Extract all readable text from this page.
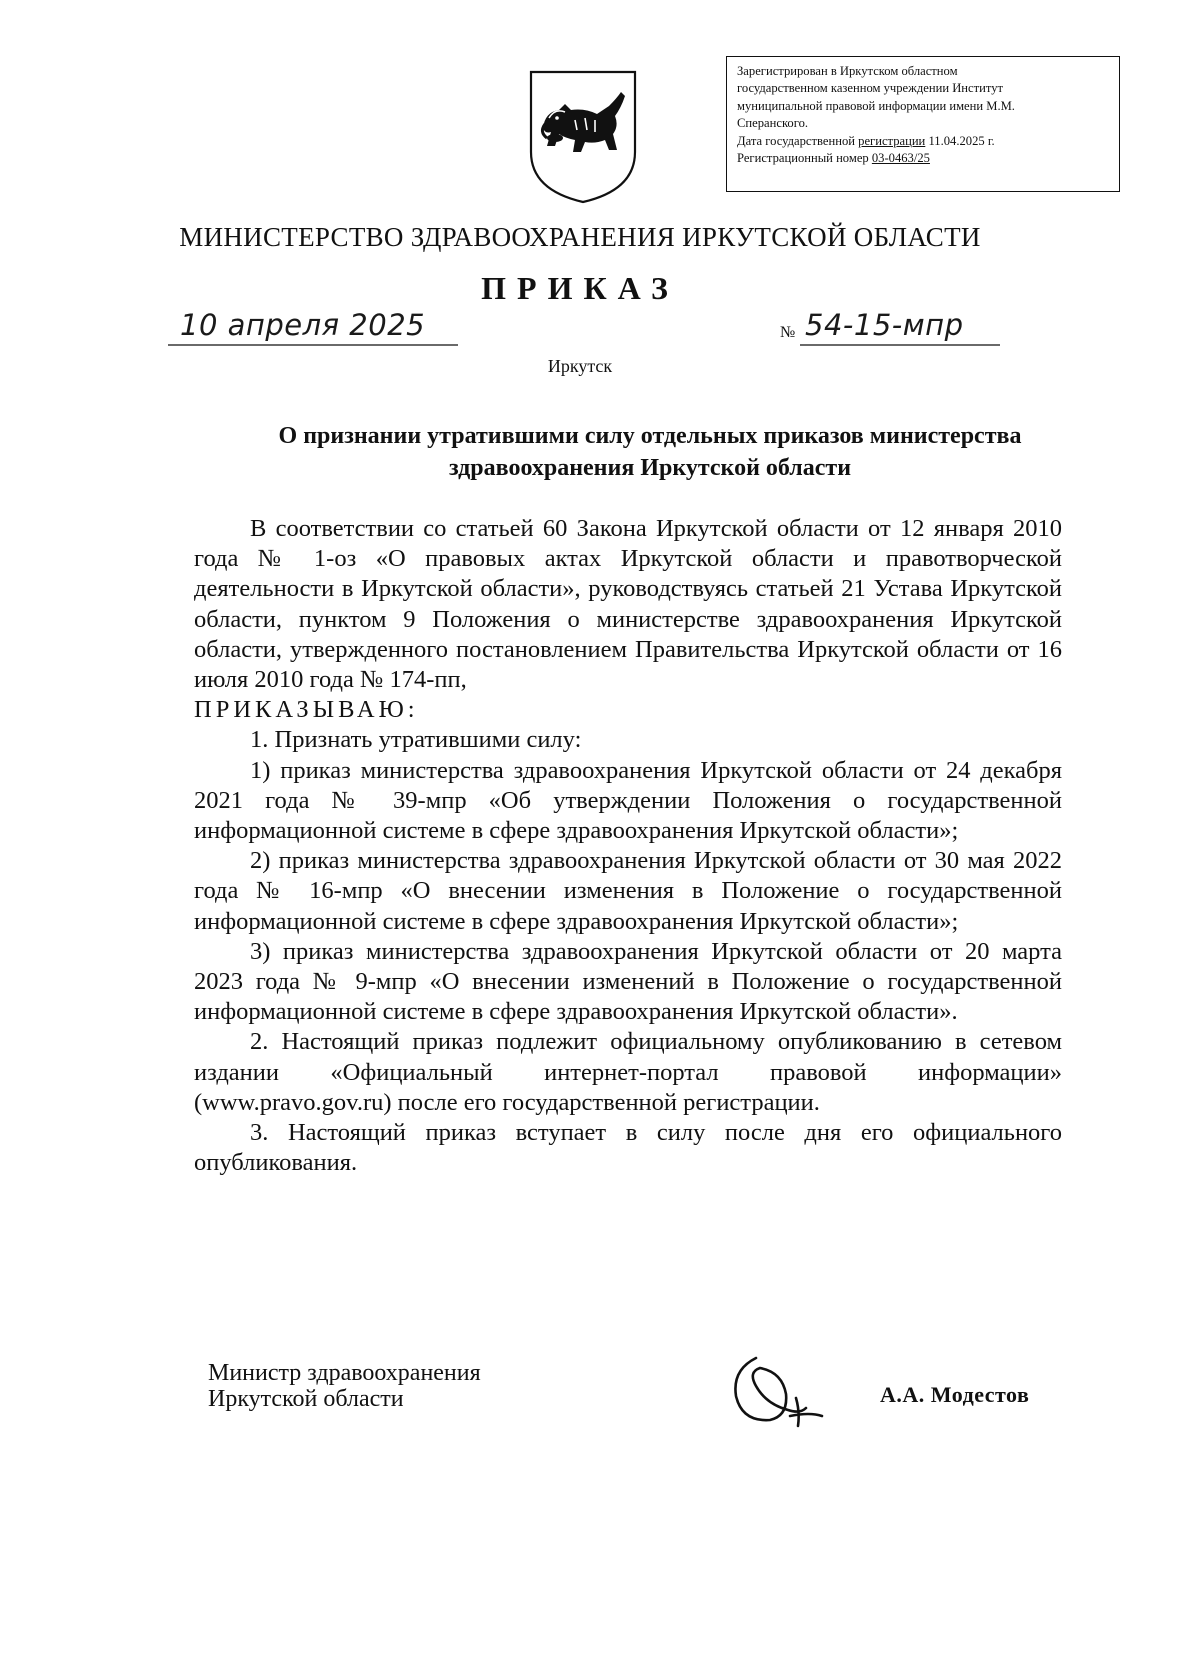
Зарегистрирован в Иркутском областном
государственном казенном учреждении Институт
муниципальной правовой информации имени М.М.
Сперанского.
Дата государственной регистрации 11.04.2025 г.
Регистрационный номер 03-0463/25
МИНИСТЕРСТВО ЗДРАВООХРАНЕНИЯ ИРКУТСКОЙ ОБЛАСТИ
ПРИКАЗ
10 апреля 2025	№ 54-15-мпр
Иркутск
О признании утратившими силу отдельных приказов министерства
здравоохранения Иркутской области

В соответствии со статьей 60 Закона Иркутской области от 12 января 2010 года № 1-оз «О правовых актах Иркутской области и правотворческой деятельности в Иркутской области», руководствуясь статьей 21 Устава Иркутской области, пунктом 9 Положения о министерстве здравоохранения Иркутской области, утвержденного постановлением Правительства Иркутской области от 16 июля 2010 года № 174-пп,

ПРИКАЗЫВАЮ:

1. Признать утратившими силу:

1) приказ министерства здравоохранения Иркутской области от 24 декабря 2021 года № 39-мпр «Об утверждении Положения о государственной информационной системе в сфере здравоохранения Иркутской области»;

2) приказ министерства здравоохранения Иркутской области от 30 мая 2022 года № 16-мпр «О внесении изменения в Положение о государственной информационной системе в сфере здравоохранения Иркутской области»;

3) приказ министерства здравоохранения Иркутской области от 20 марта 2023 года № 9-мпр «О внесении изменений в Положение о государственной информационной системе в сфере здравоохранения Иркутской области».

2. Настоящий приказ подлежит официальному опубликованию в сетевом издании «Официальный интернет-портал правовой информации» (www.pravo.gov.ru) после его государственной регистрации.

3. Настоящий приказ вступает в силу после дня его официального опубликования.

Министр здравоохранения
Иркутской области	А.А. Модестов
